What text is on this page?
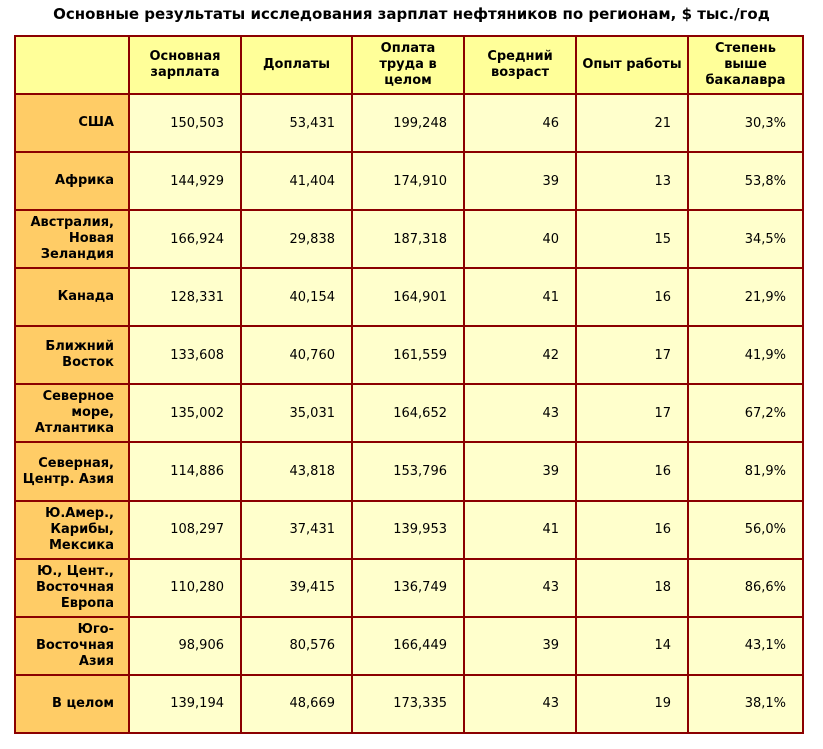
Основные результаты исследования зарплат нефтяников по регионам, $ тыс./год
	Основная зарплата	Доплаты	Оплата труда в целом	Средний возраст	Опыт работы	Степень выше бакалавра
США	150,503	53,431	199,248	46	21	30,3%
Африка	144,929	41,404	174,910	39	13	53,8%
Австралия, Новая Зеландия	166,924	29,838	187,318	40	15	34,5%
Канада	128,331	40,154	164,901	41	16	21,9%
Ближний Восток	133,608	40,760	161,559	42	17	41,9%
Северное море, Атлантика	135,002	35,031	164,652	43	17	67,2%
Северная, Центр. Азия	114,886	43,818	153,796	39	16	81,9%
Ю.Амер., Карибы, Мексика	108,297	37,431	139,953	41	16	56,0%
Ю., Цент., Восточная Европа	110,280	39,415	136,749	43	18	86,6%
Юго-Восточная Азия	98,906	80,576	166,449	39	14	43,1%
В целом	139,194	48,669	173,335	43	19	38,1%
